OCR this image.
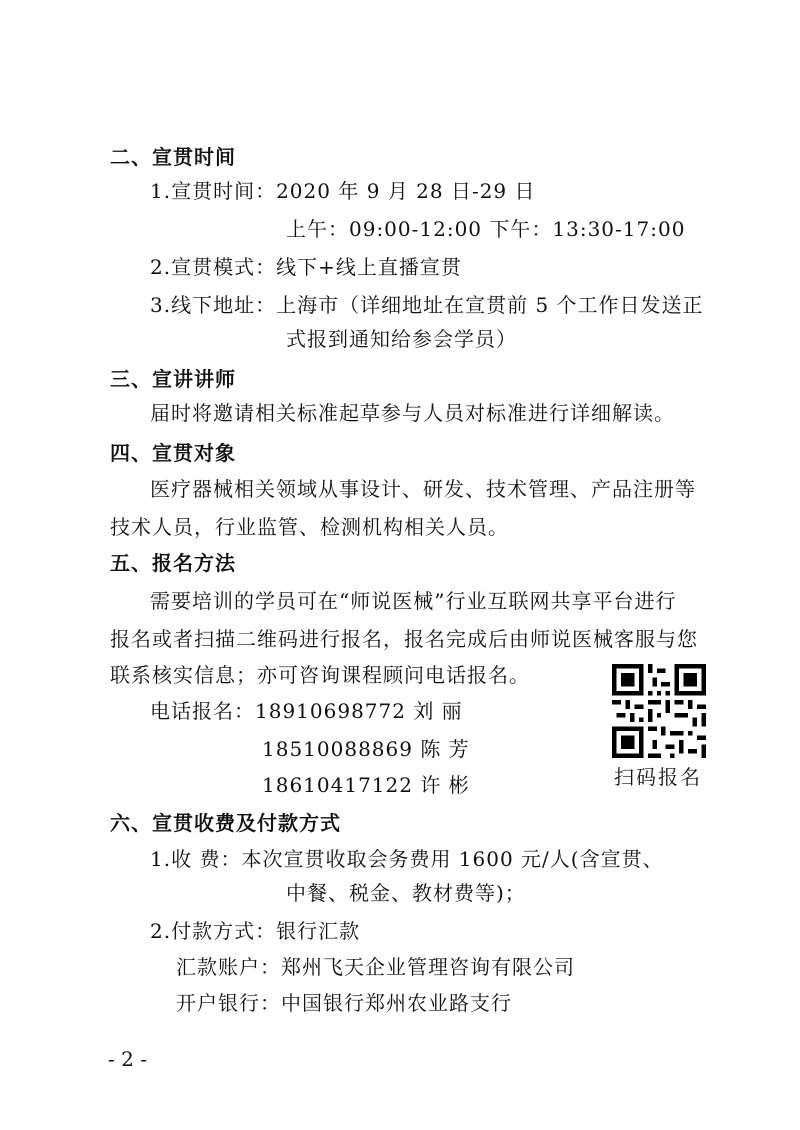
二、宣贯时间
1.宣贯时间：2020 年 9 月 28 日-29 日
上午：09:00-12:00 下午：13:30-17:00
2.宣贯模式：线下+线上直播宣贯
3.线下地址：上海市（详细地址在宣贯前 5 个工作日发送正
式报到通知给参会学员）
三、宣讲讲师
届时将邀请相关标准起草参与人员对标准进行详细解读。
四、宣贯对象
医疗器械相关领域从事设计、研发、技术管理、产品注册等
技术人员，行业监管、检测机构相关人员。
五、报名方法
需要培训的学员可在“师说医械”行业互联网共享平台进行
报名或者扫描二维码进行报名，报名完成后由师说医械客服与您
联系核实信息；亦可咨询课程顾问电话报名。
电话报名：18910698772 刘 丽
18510088869 陈 芳
18610417122 许 彬	扫码报名
六、宣贯收费及付款方式
1.收 费：本次宣贯收取会务费用 1600 元/人(含宣贯、
中餐、税金、教材费等)；
2.付款方式：银行汇款
汇款账户：郑州飞天企业管理咨询有限公司
开户银行：中国银行郑州农业路支行
- 2 -
